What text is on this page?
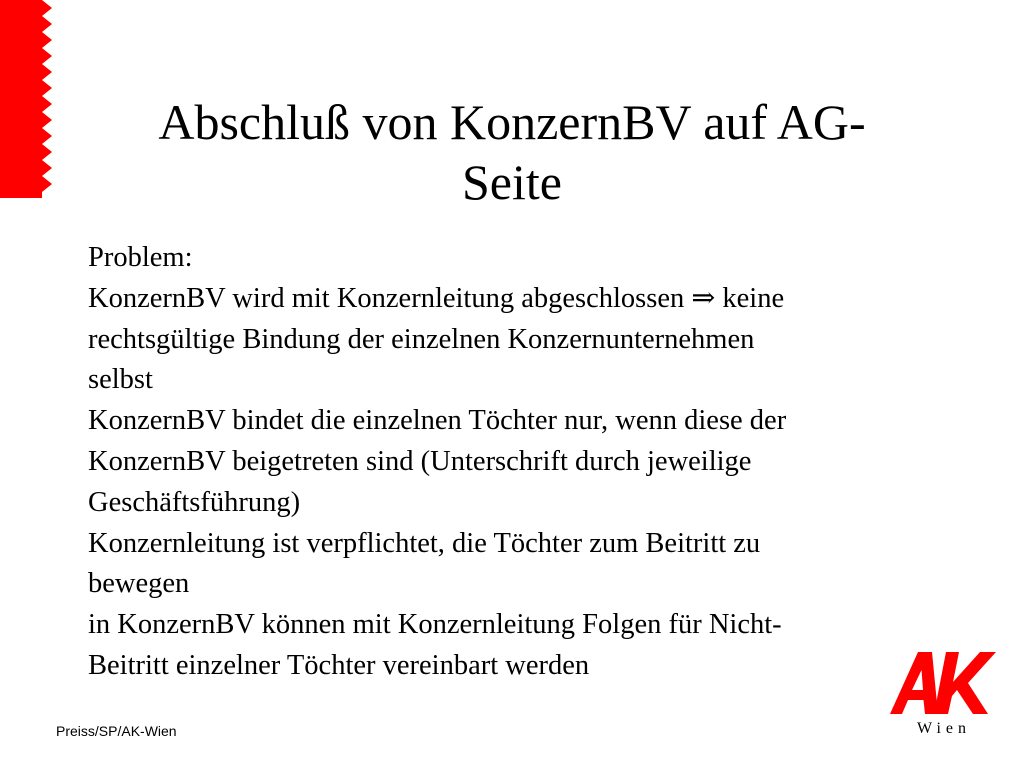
Abschluß von KonzernBV auf AG-
Seite
Problem:
KonzernBV wird mit Konzernleitung abgeschlossen ⇒ keine
rechtsgültige Bindung der einzelnen Konzernunternehmen
selbst
KonzernBV bindet die einzelnen Töchter nur, wenn diese der
KonzernBV beigetreten sind (Unterschrift durch jeweilige
Geschäftsführung)
Konzernleitung ist verpflichtet, die Töchter zum Beitritt zu
bewegen
in KonzernBV können mit Konzernleitung Folgen für Nicht-
Beitritt einzelner Töchter vereinbart werden
Preiss/SP/AK-Wien	Wien
